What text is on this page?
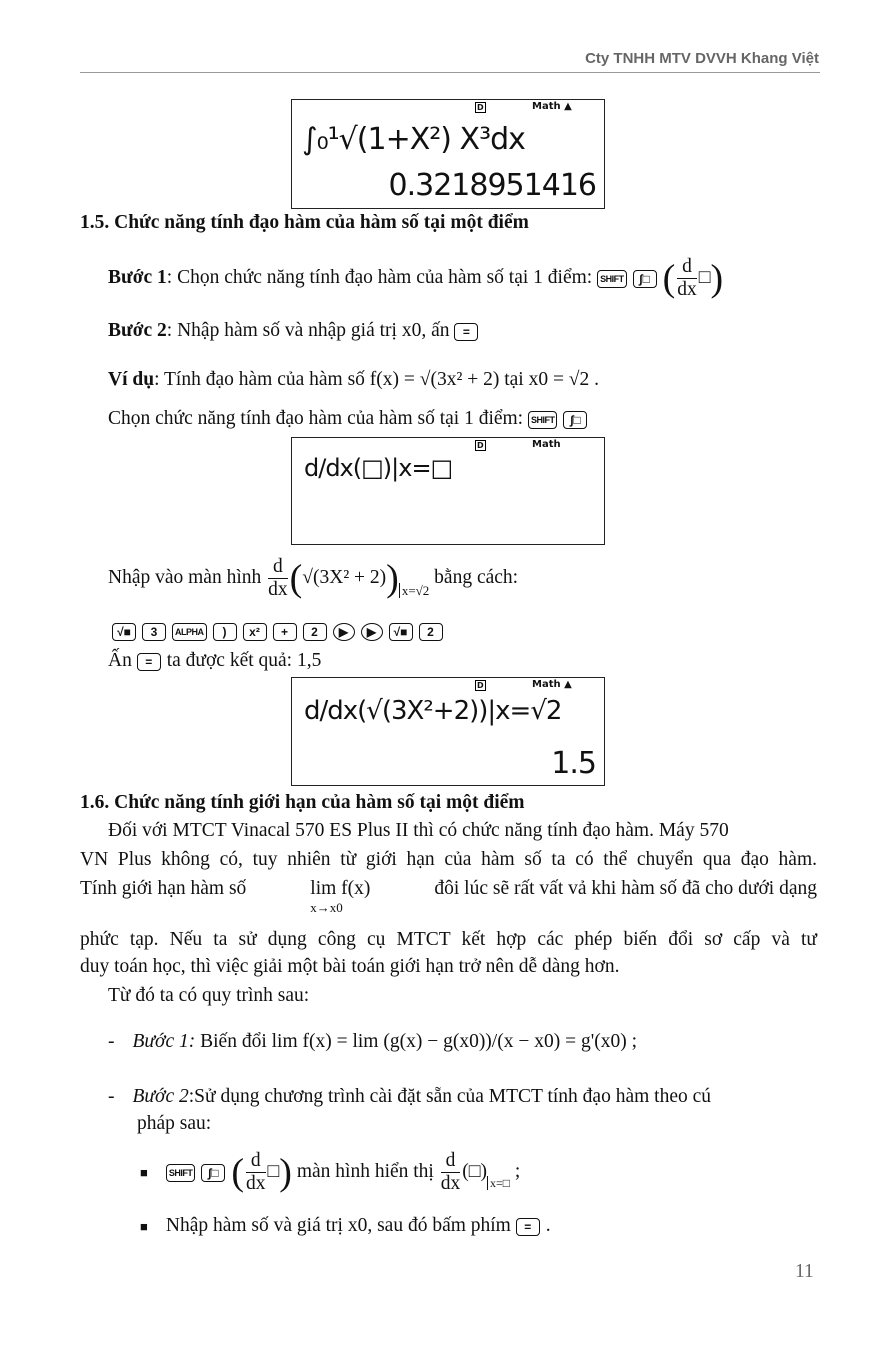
Cty TNHH MTV DVVH Khang Việt
D	Math ▲
∫₀¹√(1+X²) X³dx
0.3218951416
1.5. Chức năng tính đạo hàm của hàm số tại một điểm
Bước 1: Chọn chức năng tính đạo hàm của hàm số tại 1 điểm: SHIFT ∫□ ( $\frac{d}{dx}$ □)
Bước 2: Nhập hàm số và nhập giá trị x0, ấn =
Ví dụ: Tính đạo hàm của hàm số f(x) = √(3x² + 2) tại x0 = √2 .
Chọn chức năng tính đạo hàm của hàm số tại 1 điểm: SHIFT ∫□
D	Math
d/dx(□)|x=□
Nhập vào màn hình $\frac{d}{dx} (√(3X^2 + 2))$ $_{x=√2}$ bằng cách:
√■ 3 ALPHA ) x² + 2 ▶ ▶ √■ 2
Ấn = ta được kết quả: 1,5
D	Math ▲
d/dx(√(3X²+2))|x=√2
1.5
1.6. Chức năng tính giới hạn của hàm số tại một điểm
Đối với MTCT Vinacal 570 ES Plus II thì có chức năng tính đạo hàm. Máy 570
VN Plus không có, tuy nhiên từ giới hạn của hàm số ta có thể chuyển qua đạo hàm.
Tính giới hạn hàm số	lim f(x)
x→x0
đôi lúc sẽ rất vất vả khi hàm số đã cho dưới dạng
phức tạp. Nếu ta sử dụng công cụ MTCT kết hợp các phép biến đổi sơ cấp và tư
duy toán học, thì việc giải một bài toán giới hạn trở nên dễ dàng hơn.
Từ đó ta có quy trình sau:
- Bước 1: Biến đổi lim f(x) = lim (g(x) − g(x0))/(x − x0) = g'(x0) ;
- Bước 2:Sử dụng chương trình cài đặt sẵn của MTCT tính đạo hàm theo cú
pháp sau:
■ SHIFT ∫□ ( $\frac{d}{dx}$ □) màn hình hiển thị $\frac{d}{dx}$ $(□)_{x=□}$ ;
■ Nhập hàm số và giá trị x0, sau đó bấm phím = .
11
